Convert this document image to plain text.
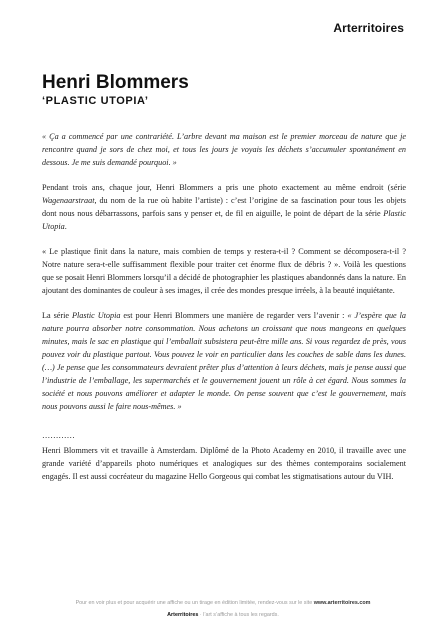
Arterritoires
Henri Blommers
‘PLASTIC UTOPIA’

« Ça a commencé par une contrariété. L’arbre devant ma maison est le premier morceau de nature que je rencontre quand je sors de chez moi, et tous les jours je voyais les déchets s’accumuler spontanément en dessous. Je me suis demandé pourquoi. »

Pendant trois ans, chaque jour, Henri Blommers a pris une photo exactement au même endroit (série Wagenaarstraat, du nom de la rue où habite l’artiste) : c’est l’origine de sa fascination pour tous les objets dont nous nous débarrassons, parfois sans y penser et, de fil en aiguille, le point de départ de la série Plastic Utopia.

« Le plastique finit dans la nature, mais combien de temps y restera-t-il ? Comment se décomposera-t-il ? Notre nature sera-t-elle suffisamment flexible pour traiter cet énorme flux de débris ? ». Voilà les questions que se posait Henri Blommers lorsqu’il a décidé de photographier les plastiques abandonnés dans la nature. En ajoutant des dominantes de couleur à ses images, il crée des mondes presque irréels, à la beauté inquiétante.

La série Plastic Utopia est pour Henri Blommers une manière de regarder vers l’avenir : « J’espère que la nature pourra absorber notre consommation. Nous achetons un croissant que nous mangeons en quelques minutes, mais le sac en plastique qui l’emballait subsistera peut-être mille ans. Si vous regardez de près, vous pouvez voir du plastique partout. Vous pouvez le voir en particulier dans les couches de sable dans les dunes. (…) Je pense que les consommateurs devraient prêter plus d’attention à leurs déchets, mais je pense aussi que l’industrie de l’emballage, les supermarchés et le gouvernement jouent un rôle à cet égard. Nous sommes la société et nous pouvons améliorer et adapter le monde. On pense souvent que c’est le gouvernement, mais nous pouvons aussi le faire nous-mêmes. »

…………

Henri Blommers vit et travaille à Amsterdam. Diplômé de la Photo Academy en 2010, il travaille avec une grande variété d’appareils photo numériques et analogiques sur des thèmes contemporains socialement engagés. Il est aussi cocréateur du magazine Hello Gorgeous qui combat les stigmatisations autour du VIH.

Pour en voir plus et pour acquérir une affiche ou un tirage en édition limitée, rendez-vous sur le site www.arterritoires.com
Arterritoires · l’art s’affiche à tous les regards.
